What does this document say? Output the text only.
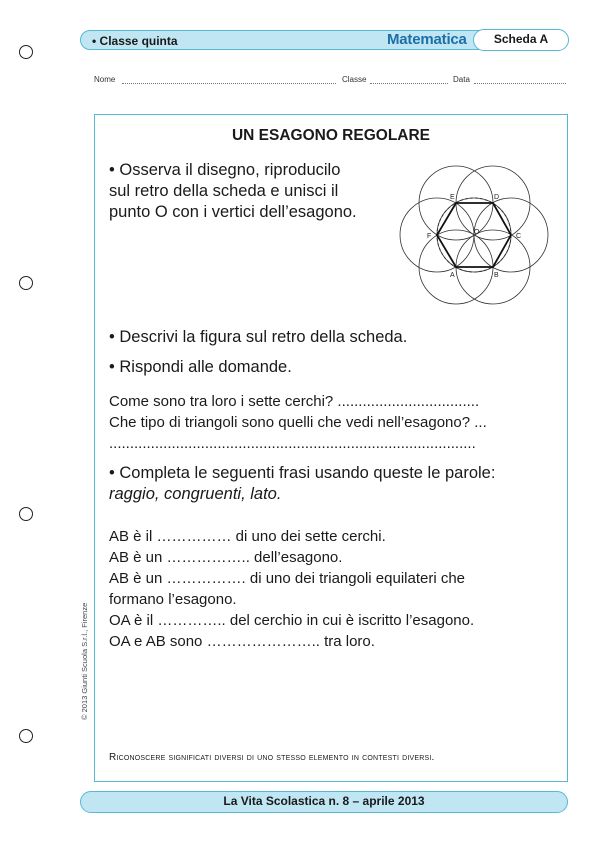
• Classe quinta	Matematica	Scheda A
Nome	Classe	Data
UN ESAGONO REGOLARE
• Osserva il disegno, riproducilo
sul retro della scheda e unisci il
punto O con i vertici dell’esagono.
A	B
C
D
E
F
O
• Descrivi la figura sul retro della scheda.
• Rispondi alle domande.
Come sono tra loro i sette cerchi? ..................................
Che tipo di triangoli sono quelli che vedi nell’esagono? ...
........................................................................................
• Completa le seguenti frasi usando queste le parole:
raggio, congruenti, lato.
AB è il …………… di uno dei sette cerchi.
AB è un …………….. dell’esagono.
AB è un ……………. di uno dei triangoli equilateri che
formano l’esagono.
OA è il ………….. del cerchio in cui è iscritto l’esagono.
OA e AB sono ………………….. tra loro.
Riconoscere significati diversi di uno stesso elemento in contesti diversi.
© 2013 Giunti Scuola S.r.l., Firenze
La Vita Scolastica n. 8 – aprile 2013
